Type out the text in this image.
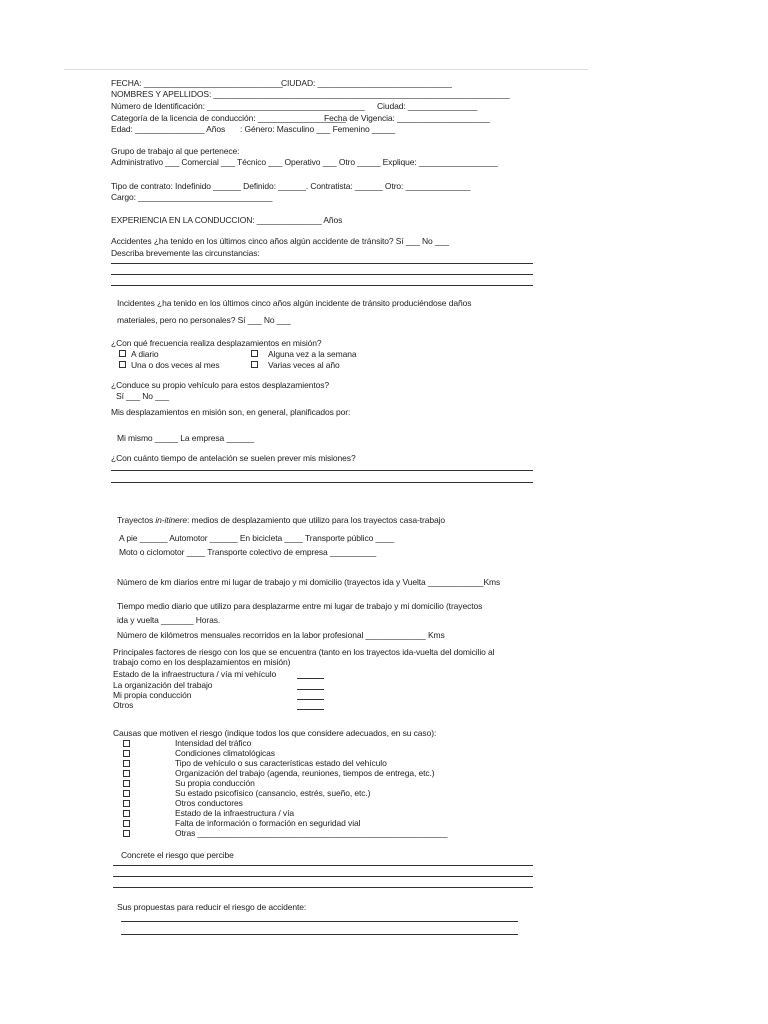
FECHA: ______________________________
CIUDAD: _____________________________
NOMBRES Y APELLIDOS: ________________________________________________________________
Número de Identificación: __________________________________ Ciudad: _______________
Categoría de la licencia de conducción: ___________________
Fecha de Vigencia: ____________________
Edad: _______________ Años : Género: Masculino ___ Femenino _____
Grupo de trabajo al que pertenece:
Administrativo ___ Comercial ___ Técnico ___ Operativo ___ Otro _____ Explique: _________________
Tipo de contrato: Indefinido ______ Definido: ______. Contratista: ______ Otro: ______________
Cargo: _____________________________
EXPERIENCIA EN LA CONDUCCION: ______________ Años
Accidentes ¿ha tenido en los últimos cinco años algún accidente de tránsito? Sí ___ No ___
Describa brevemente las circunstancias:
Incidentes ¿ha tenido en los últimos cinco años algún incidente de tránsito produciéndose daños
materiales, pero no personales? Sí ___ No ___
¿Con qué frecuencia realiza desplazamientos en misión?
A diario	Alguna vez a la semana
Una o dos veces al mes	Varias veces al año
¿Conduce su propio vehículo para estos desplazamientos?
Sí ___ No ___
Mis desplazamientos en misión son, en general, planificados por:
Mi mismo _____ La empresa ______
¿Con cuánto tiempo de antelación se suelen prever mis misiones?
Trayectos in-itinere: medios de desplazamiento que utilizo para los trayectos casa-trabajo
A pie ______ Automotor ______ En bicicleta ____ Transporte público ____
Moto o ciclomotor ____ Transporte colectivo de empresa __________
Número de km diarios entre mi lugar de trabajo y mi domicilio (trayectos ida y Vuelta ____________Kms
Tiempo medio diario que utilizo para desplazarme entre mi lugar de trabajo y mi domicilio (trayectos
ida y vuelta _______ Horas.
Número de kilómetros mensuales recorridos en la labor profesional _____________ Kms
Principales factores de riesgo con los que se encuentra (tanto en los trayectos ida-vuelta del domicilio al
trabajo como en los desplazamientos en misión)
Estado de la infraestructura / vía mi vehículo
La organización del trabajo
Mi propia conducción
Otros
Causas que motiven el riesgo (indique todos los que considere adecuados, en su caso):
Intensidad del tráfico
Condiciones climatológicas
Tipo de vehículo o sus características estado del vehículo
Organización del trabajo (agenda, reuniones, tiempos de entrega, etc.)
Su propia conducción
Su estado psicofísico (cansancio, estrés, sueño, etc.)
Otros conductores
Estado de la infraestructura / vía
Falta de información o formación en seguridad vial
Otras ______________________________________________________
Concrete el riesgo que percibe
Sus propuestas para reducir el riesgo de accidente:
